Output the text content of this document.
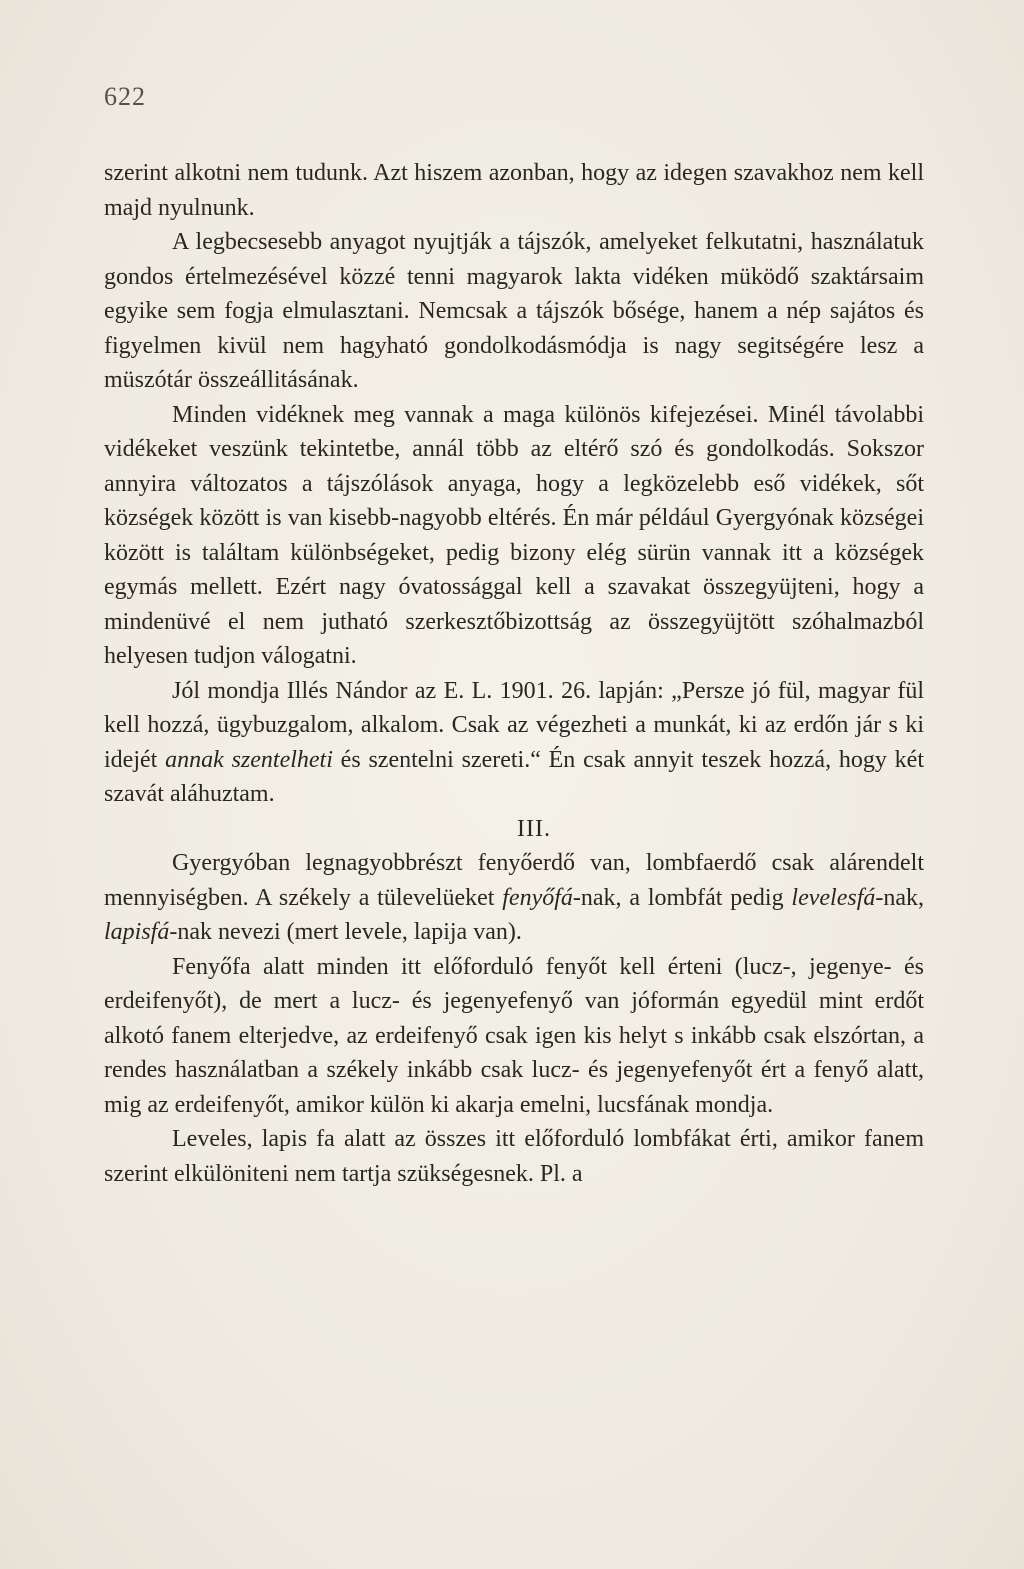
622

szerint alkotni nem tudunk. Azt hiszem azonban, hogy az idegen szavakhoz nem kell majd nyulnunk.

A legbecsesebb anyagot nyujtják a tájszók, amelyeket felkutatni, használatuk gondos értelmezésével közzé tenni magyarok lakta vidéken müködő szaktársaim egyike sem fogja elmulasztani. Nemcsak a tájszók bősége, hanem a nép sajátos és figyelmen kivül nem hagyható gondolkodásmódja is nagy segitségére lesz a müszótár összeállitásának.

Minden vidéknek meg vannak a maga különös kifejezései. Minél távolabbi vidékeket veszünk tekintetbe, annál több az eltérő szó és gondolkodás. Sokszor annyira változatos a tájszólások anyaga, hogy a legközelebb eső vidékek, sőt községek között is van kisebb-nagyobb eltérés. Én már például Gyergyónak községei között is találtam különbségeket, pedig bizony elég sürün vannak itt a községek egymás mellett. Ezért nagy óvatossággal kell a szavakat összegyüjteni, hogy a mindenüvé el nem jutható szerkesztőbizottság az összegyüjtött szóhalmazból helyesen tudjon válogatni.

Jól mondja Illés Nándor az E. L. 1901. 26. lapján: „Persze jó fül, magyar fül kell hozzá, ügybuzgalom, alkalom. Csak az végezheti a munkát, ki az erdőn jár s ki idejét annak szentelheti és szentelni szereti.“ Én csak annyit teszek hozzá, hogy két szavát aláhuztam.

III.

Gyergyóban legnagyobbrészt fenyőerdő van, lombfaerdő csak alárendelt mennyiségben. A székely a tülevelüeket fenyőfá-nak, a lombfát pedig levelesfá-nak, lapisfá-nak nevezi (mert levele, lapija van).

Fenyőfa alatt minden itt előforduló fenyőt kell érteni (lucz-, jegenye- és erdeifenyőt), de mert a lucz- és jegenyefenyő van jóformán egyedül mint erdőt alkotó fanem elterjedve, az erdeifenyő csak igen kis helyt s inkább csak elszórtan, a rendes használatban a székely inkább csak lucz- és jegenyefenyőt ért a fenyő alatt, mig az erdeifenyőt, amikor külön ki akarja emelni, lucsfának mondja.

Leveles, lapis fa alatt az összes itt előforduló lombfákat érti, amikor fanem szerint elkülöniteni nem tartja szükségesnek. Pl. a
